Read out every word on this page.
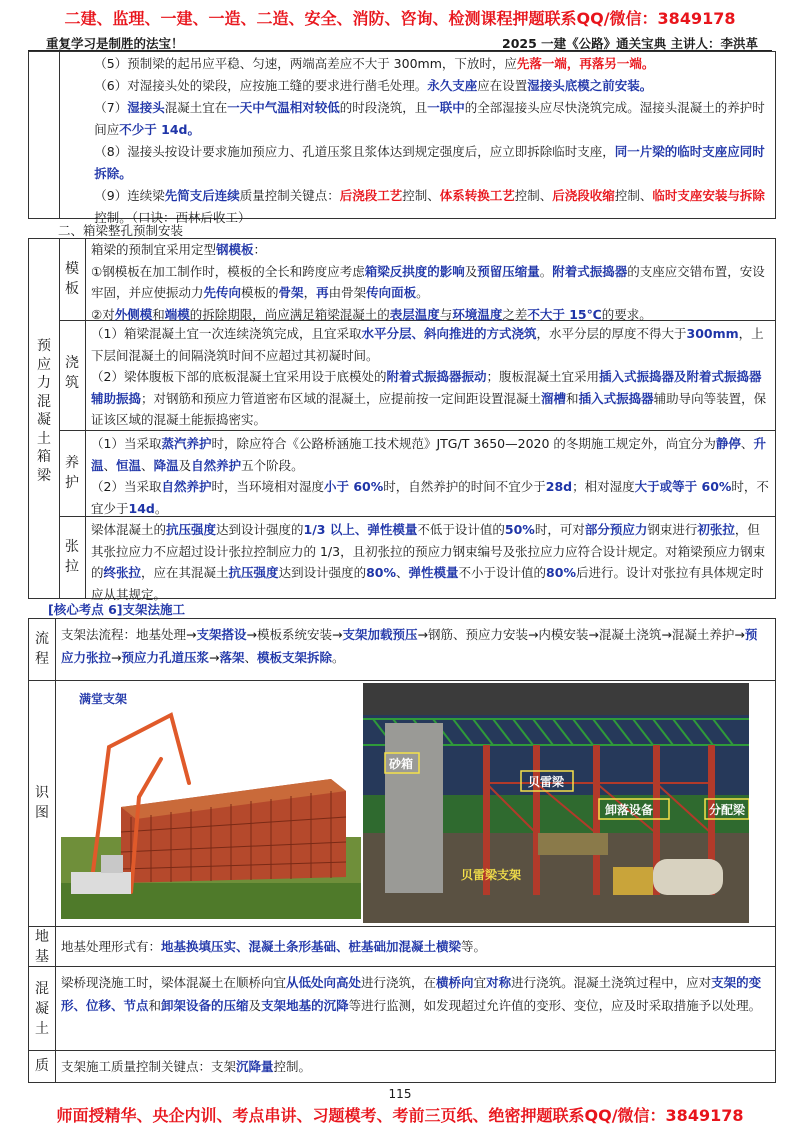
二建、监理、一建、一造、二造、安全、消防、咨询、检测课程押题联系QQ/微信：3849178
重复学习是制胜的法宝！	2025 一建《公路》通关宝典 主讲人：李洪革

（5）预制梁的起吊应平稳、匀速，两端高差应不大于 300mm，下放时，应先落一端，再落另一端。

（6）对湿接头处的梁段，应按施工缝的要求进行凿毛处理。永久支座应在设置湿接头底模之前安装。

（7）湿接头混凝土宜在一天中气温相对较低的时段浇筑，且一联中的全部湿接头应尽快浇筑完成。湿接头混凝土的养护时间应不少于 14d。

（8）湿接头按设计要求施加预应力、孔道压浆且浆体达到规定强度后，应立即拆除临时支座，同一片梁的临时支座应同时拆除。

（9）连续梁先简支后连续质量控制关键点：后浇段工艺控制、体系转换工艺控制、后浇段收缩控制、临时支座安装与拆除控制。（口诀：西林后收工）

二、箱梁整孔预制安装
预应力混凝土箱梁
模板

箱梁的预制宜采用定型钢模板：

①钢模板在加工制作时，模板的全长和跨度应考虑箱梁反拱度的影响及预留压缩量。附着式振捣器的支座应交错布置，安设牢固，并应使振动力先传向模板的骨架，再由骨架传向面板。

②对外侧模和端模的拆除期限，尚应满足箱梁混凝土的表层温度与环境温度之差不大于 15℃的要求。

浇筑

（1）箱梁混凝土宜一次连续浇筑完成，且宜采取水平分层、斜向推进的方式浇筑，水平分层的厚度不得大于300mm，上下层间混凝土的间隔浇筑时间不应超过其初凝时间。

（2）梁体腹板下部的底板混凝土宜采用设于底模处的附着式振捣器振动；腹板混凝土宜采用插入式振捣器及附着式振捣器辅助振捣；对钢筋和预应力管道密布区域的混凝土，应提前按一定间距设置混凝土溜槽和插入式振捣器辅助导向等装置，保证该区域的混凝土能振捣密实。

养护

（1）当采取蒸汽养护时，除应符合《公路桥涵施工技术规范》JTG/T 3650—2020 的冬期施工规定外，尚宜分为静停、升温、恒温、降温及自然养护五个阶段。

（2）当采取自然养护时，当环境相对湿度小于 60%时，自然养护的时间不宜少于28d；相对湿度大于或等于 60%时，不宜少于14d。

张拉

梁体混凝土的抗压强度达到设计强度的1/3 以上、弹性模量不低于设计值的50%时，可对部分预应力钢束进行初张拉，但其张拉应力不应超过设计张拉控制应力的 1/3，且初张拉的预应力钢束编号及张拉应力应符合设计规定。对箱梁预应力钢束的终张拉，应在其混凝土抗压强度达到设计强度的80%、弹性模量不小于设计值的80%后进行。设计对张拉有具体规定时应从其规定。

[核心考点 6]支架法施工
流程

支架法流程：地基处理→支架搭设→模板系统安装→支架加载预压→钢筋、预应力安装→内模安装→混凝土浇筑→混凝土养护→预应力张拉→预应力孔道压浆→落架、模板支架拆除。

识图
满堂支架
砂箱
贝雷梁
卸落设备	分配梁
贝雷梁支架
地基

地基处理形式有：地基换填压实、混凝土条形基础、桩基础加混凝土横梁等。

混凝土

梁桥现浇施工时，梁体混凝土在顺桥向宜从低处向高处进行浇筑，在横桥向宜对称进行浇筑。混凝土浇筑过程中，应对支架的变形、位移、节点和卸架设备的压缩及支架地基的沉降等进行监测，如发现超过允许值的变形、变位，应及时采取措施予以处理。

质 支架施工质量控制关键点：支架沉降量控制。

115
师面授精华、央企内训、考点串讲、习题模考、考前三页纸、绝密押题联系QQ/微信：3849178
